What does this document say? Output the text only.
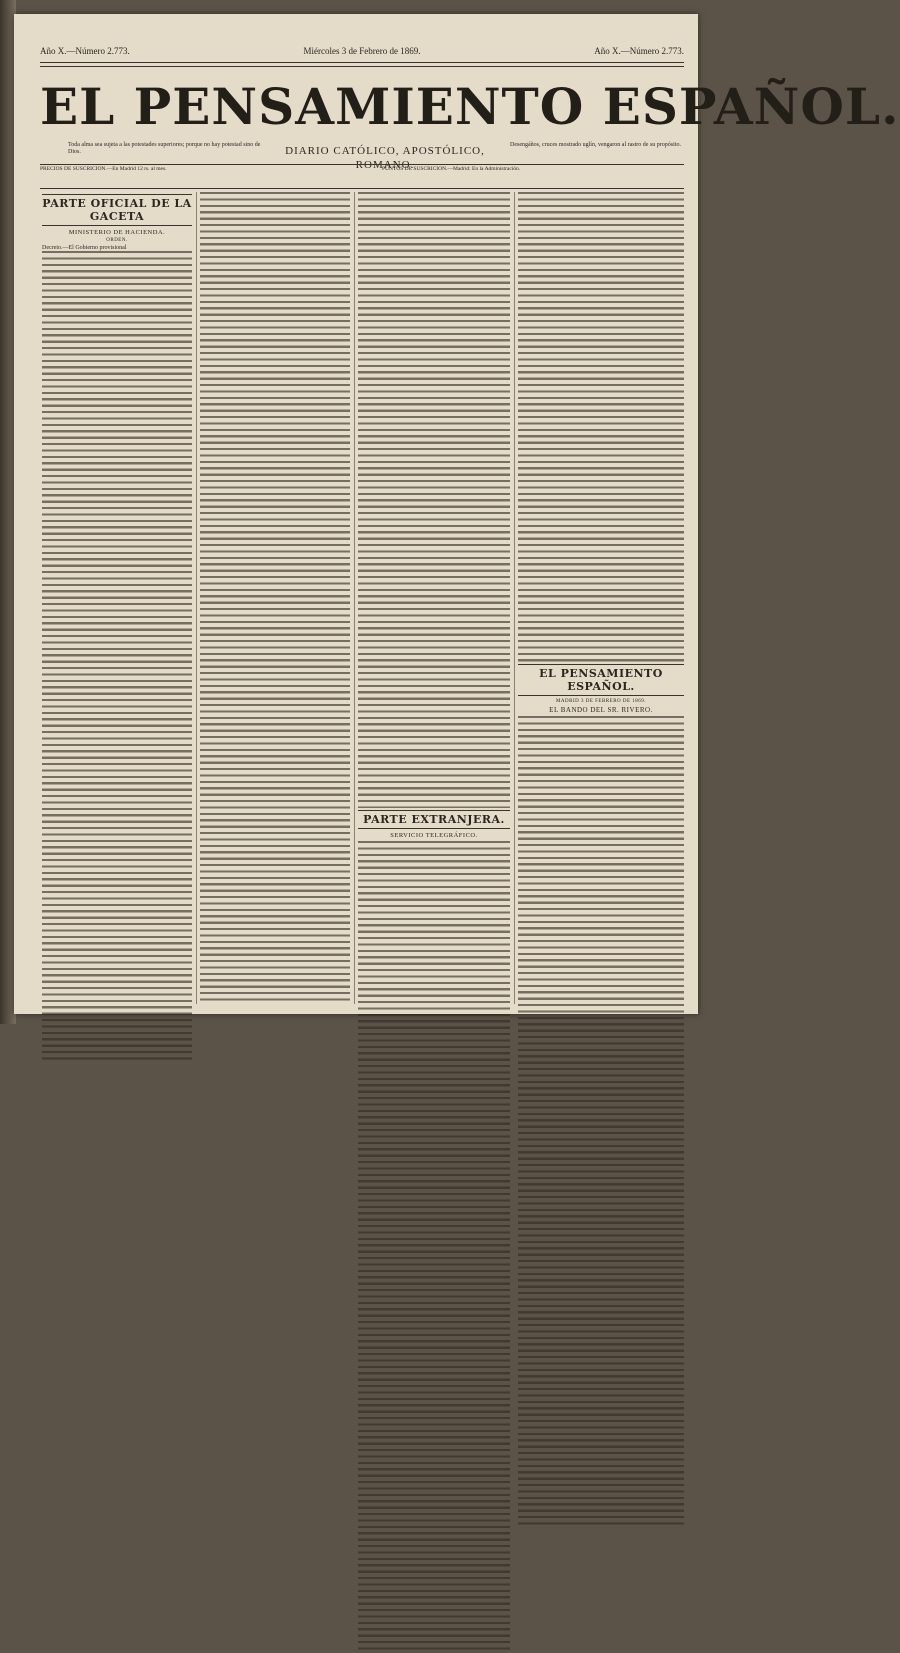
Año X.—Número 2.773.	Miércoles 3 de Febrero de 1869.	Año X.—Número 2.773.
EL PENSAMIENTO ESPAÑOL.
Toda alma sea sujeta a las potestades superiores; porque no hay potestad sino de Dios.	DIARIO CATÓLICO, APOSTÓLICO, ROMANO.
Desengáños, cruces mostrado uglín, vengaron al rastro de su propósito.
PRECIOS DE SUSCRICION.—En Madrid 12 rs. al mes.	PUNTOS DE SUSCRICION.—Madrid: En la Administración.
PARTE OFICIAL DE LA GACETA
MINISTERIO DE HACIENDA.
ORDEN.
Decreto.—El Gobierno provisional
PARTE EXTRANJERA.
SERVICIO TELEGRÁFICO.
EL PENSAMIENTO ESPAÑOL.
MADRID 3 DE FEBRERO DE 1869.
EL BANDO DEL SR. RIVERO.
